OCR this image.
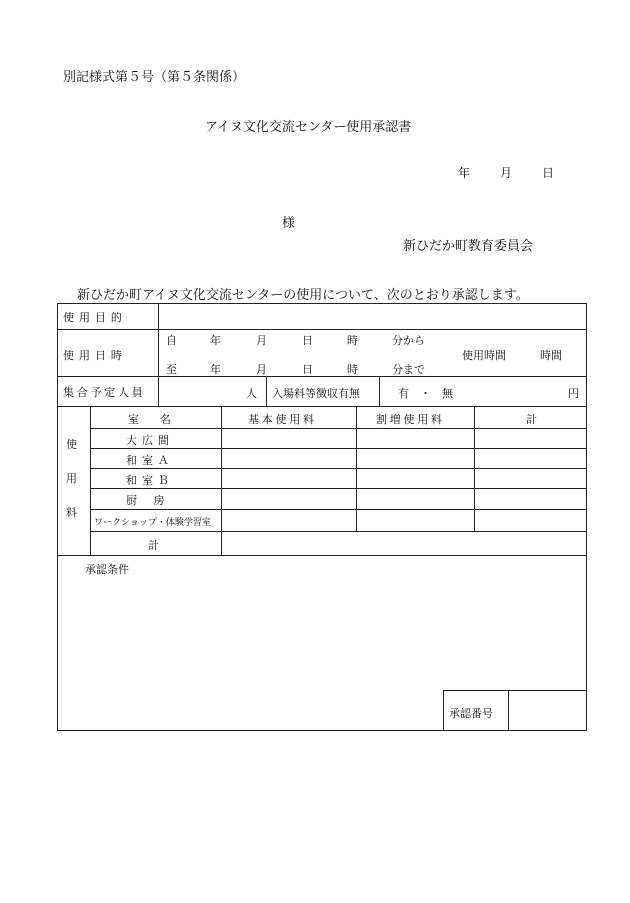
別記様式第５号（第５条関係）
アイヌ文化交流センター使用承認書
年 月 日
様
新ひだか町教育委員会
新ひだか町アイヌ文化交流センターの使用について、次のとおり承認します。
使用目的
使用日時
自	年	月	日	時	分から
至	年	月	日	時	分まで
使用時間	時間
集合予定人員	人 入場料等徴収有無	有 ・ 無	円
使
用
料
室　名	基本使用料	割増使用料	計
大広間
和室Ａ
和室Ｂ
厨　房
ワークショップ・体験学習室
計
承認条件
承認番号
